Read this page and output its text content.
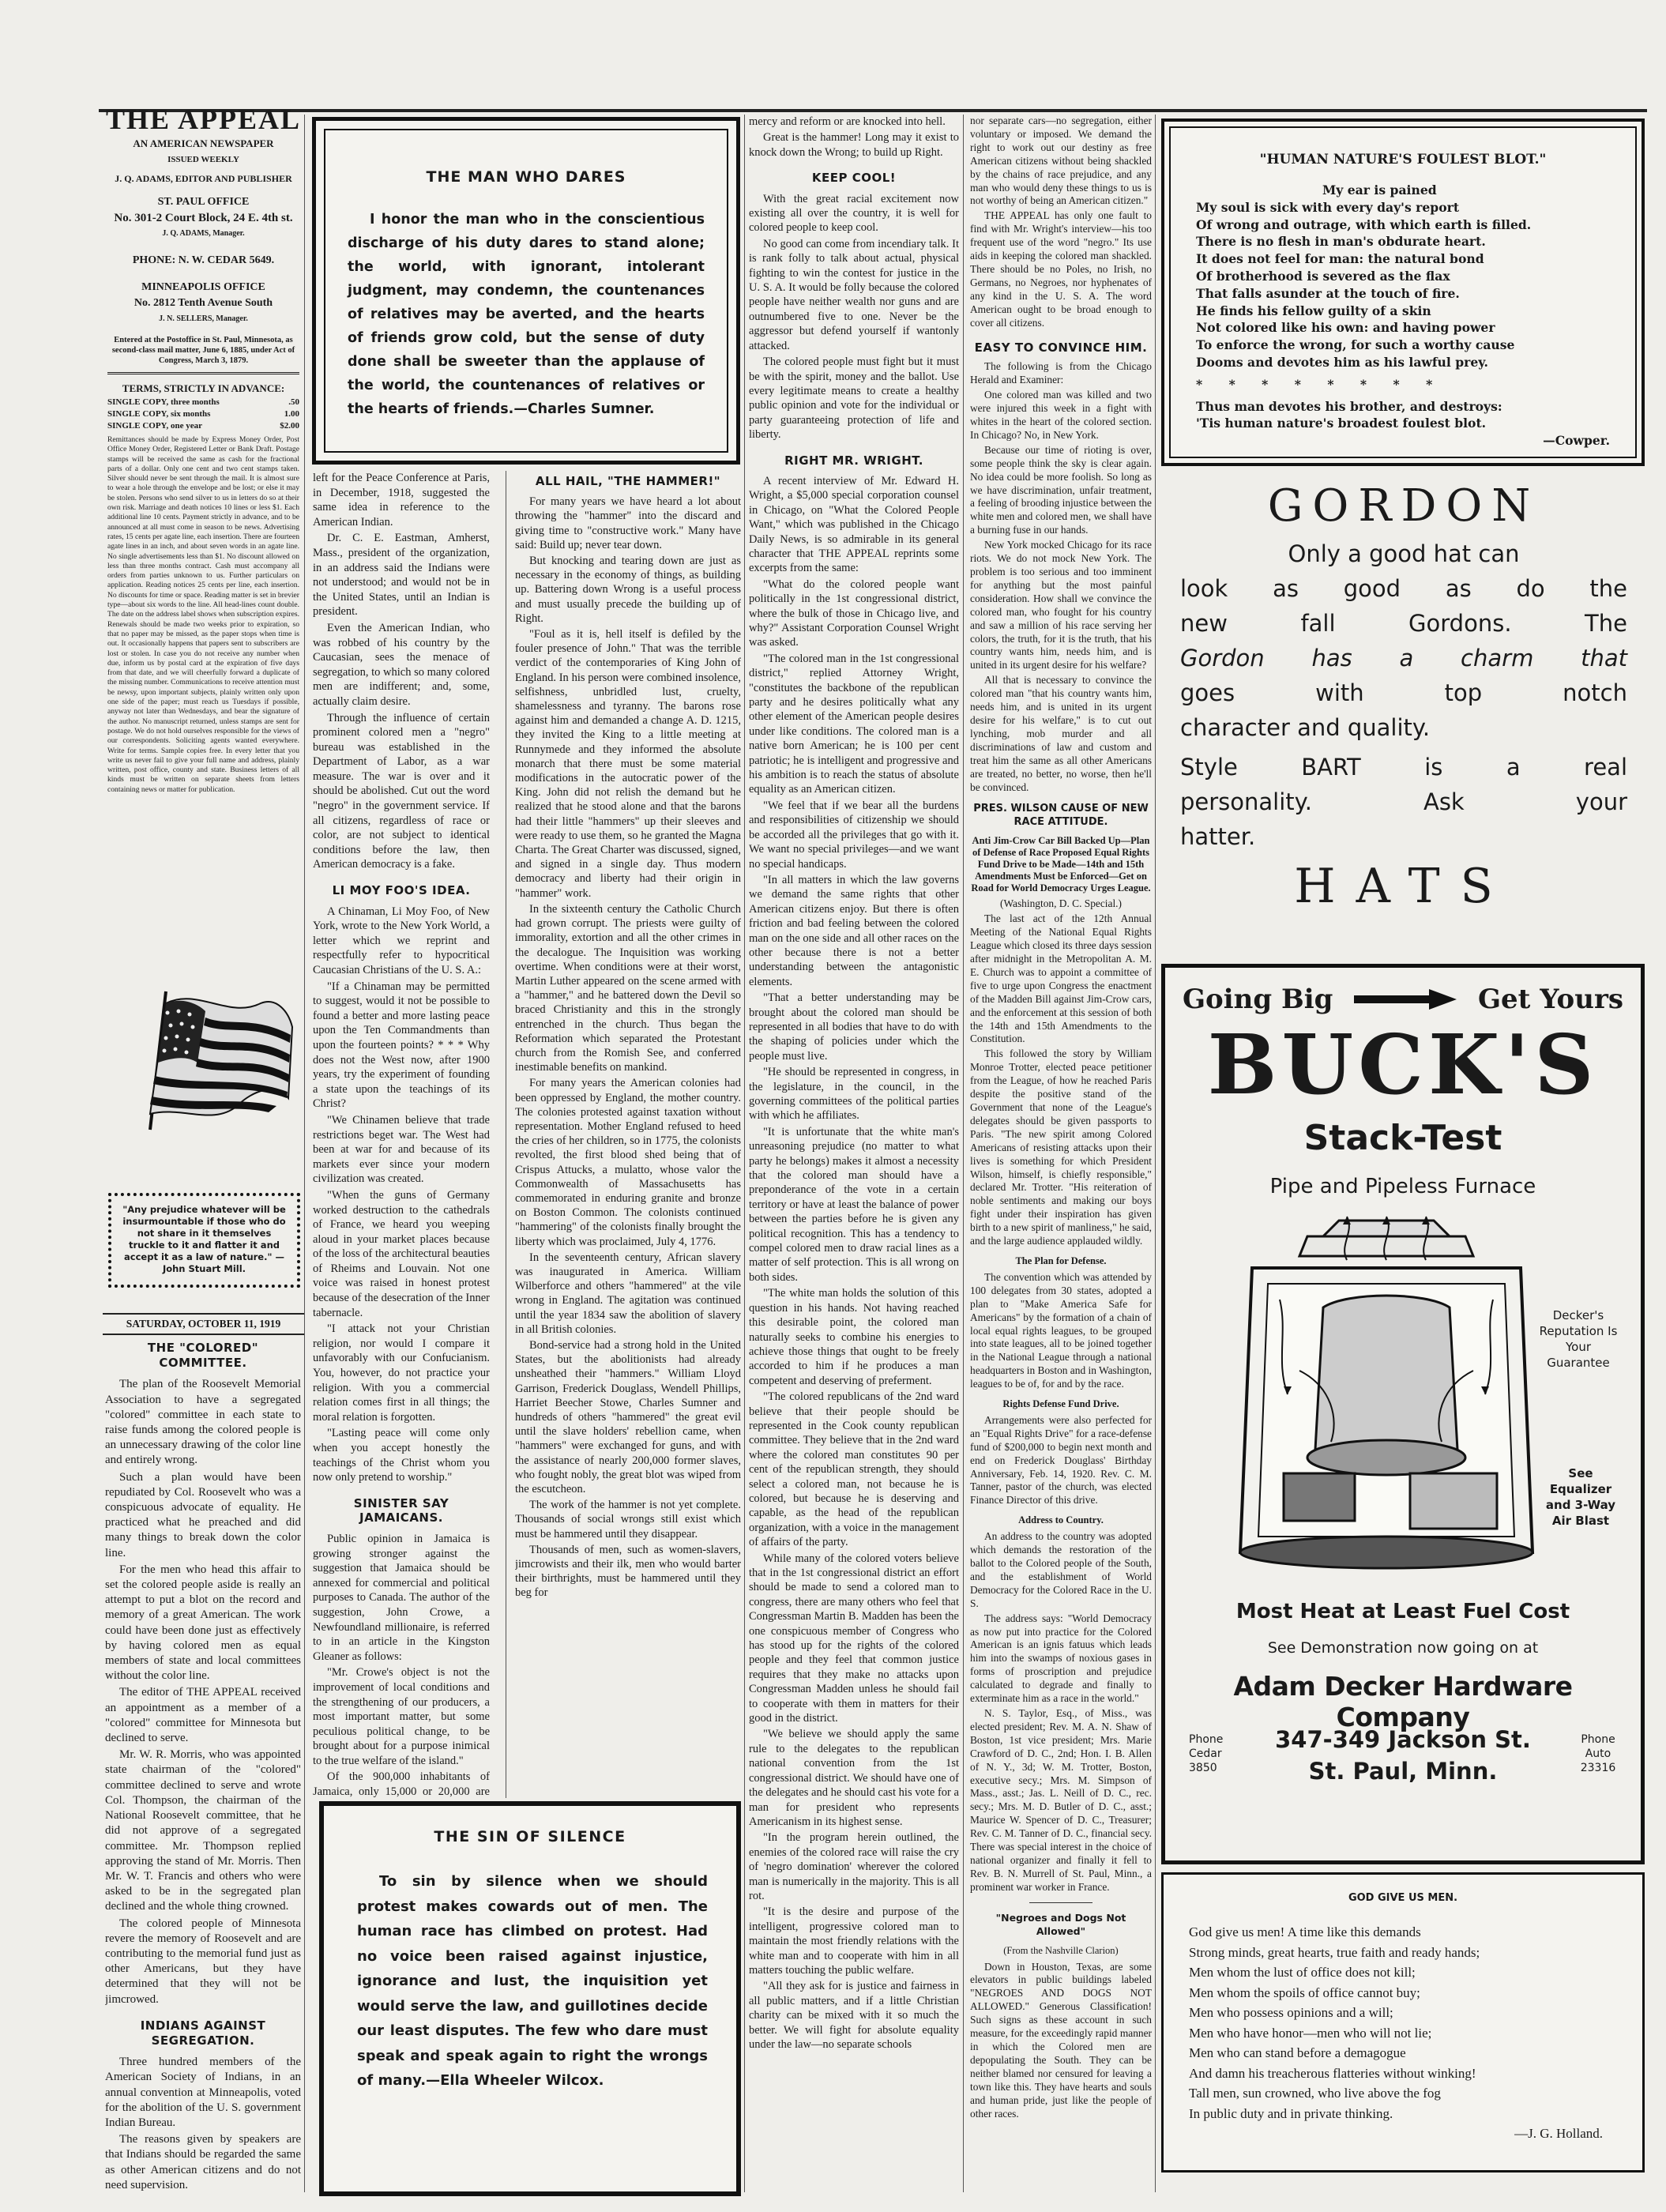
THE APPEAL
AN AMERICAN NEWSPAPER
ISSUED WEEKLY
J. Q. ADAMS, EDITOR AND PUBLISHER
ST. PAUL OFFICE
No. 301-2 Court Block, 24 E. 4th st.
J. Q. ADAMS, Manager.
PHONE: N. W. CEDAR 5649.
MINNEAPOLIS OFFICE
No. 2812 Tenth Avenue South
J. N. SELLERS, Manager.
Entered at the Postoffice in St. Paul, Minnesota, as second-class mail matter, June 6, 1885, under Act of Congress, March 3, 1879.
TERMS, STRICTLY IN ADVANCE:
SINGLE COPY, three months	.50
SINGLE COPY, six months	1.00
SINGLE COPY, one year	$2.00
Remittances should be made by Express Money Order, Post Office Money Order, Registered Letter or Bank Draft. Postage stamps will be received the same as cash for the fractional parts of a dollar. Only one cent and two cent stamps taken. Silver should never be sent through the mail. It is almost sure to wear a hole through the envelope and be lost; or else it may be stolen. Persons who send silver to us in letters do so at their own risk. Marriage and death notices 10 lines or less $1. Each additional line 10 cents. Payment strictly in advance, and to be announced at all must come in season to be news. Advertising rates, 15 cents per agate line, each insertion. There are fourteen agate lines in an inch, and about seven words in an agate line. No single advertisements less than $1. No discount allowed on less than three months contract. Cash must accompany all orders from parties unknown to us. Further particulars on application. Reading notices 25 cents per line, each insertion. No discounts for time or space. Reading matter is set in brevier type—about six words to the line. All head-lines count double. The date on the address label shows when subscription expires. Renewals should be made two weeks prior to expiration, so that no paper may be missed, as the paper stops when time is out. It occasionally happens that papers sent to subscribers are lost or stolen. In case you do not receive any number when due, inform us by postal card at the expiration of five days from that date, and we will cheerfully forward a duplicate of the missing number. Communications to receive attention must be newsy, upon important subjects, plainly written only upon one side of the paper; must reach us Tuesdays if possible, anyway not later than Wednesdays, and bear the signature of the author. No manuscript returned, unless stamps are sent for postage. We do not hold ourselves responsible for the views of our correspondents. Soliciting agents wanted everywhere. Write for terms. Sample copies free. In every letter that you write us never fail to give your full name and address, plainly written, post office, county and state. Business letters of all kinds must be written on separate sheets from letters containing news or matter for publication.
"Any prejudice whatever will be insurmountable if those who do not share in it themselves truckle to it and flatter it and accept it as a law of nature." —John Stuart Mill.
SATURDAY, OCTOBER 11, 1919
THE "COLORED" COMMITTEE.

The plan of the Roosevelt Memorial Association to have a segregated "colored" committee in each state to raise funds among the colored people is an unnecessary drawing of the color line and entirely wrong.

Such a plan would have been repudiated by Col. Roosevelt who was a conspicuous advocate of equality. He practiced what he preached and did many things to break down the color line.

For the men who head this affair to set the colored people aside is really an attempt to put a blot on the record and memory of a great American. The work could have been done just as effectively by having colored men as equal members of state and local committees without the color line.

The editor of THE APPEAL received an appointment as a member of a "colored" committee for Minnesota but declined to serve.

Mr. W. R. Morris, who was appointed state chairman of the "colored" committee declined to serve and wrote Col. Thompson, the chairman of the National Roosevelt committee, that he did not approve of a segregated committee. Mr. Thompson replied approving the stand of Mr. Morris. Then Mr. W. T. Francis and others who were asked to be in the segregated plan declined and the whole thing crowned.

The colored people of Minnesota revere the memory of Roosevelt and are contributing to the memorial fund just as other Americans, but they have determined that they will not be jimcrowed.

INDIANS AGAINST SEGREGATION.

Three hundred members of the American Society of Indians, in an annual convention at Minneapolis, voted for the abolition of the U. S. government Indian Bureau.

The reasons given by speakers are that Indians should be regarded the same as other American citizens and do not need supervision.

THE MAN WHO DARES
I honor the man who in the conscientious discharge of his duty dares to stand alone; the world, with ignorant, intolerant judgment, may condemn, the countenances of relatives may be averted, and the hearts of friends grow cold, but the sense of duty done shall be sweeter than the applause of the world, the countenances of relatives or the hearts of friends.—Charles Sumner.

left for the Peace Conference at Paris, in December, 1918, suggested the same idea in reference to the American Indian.

Dr. C. E. Eastman, Amherst, Mass., president of the organization, in an address said the Indians were not understood; and would not be in the United States, until an Indian is president.

Even the American Indian, who was robbed of his country by the Caucasian, sees the menace of segregation, to which so many colored men are indifferent; and, some, actually claim desire.

Through the influence of certain prominent colored men a "negro" bureau was established in the Department of Labor, as a war measure. The war is over and it should be abolished. Cut out the word "negro" in the government service. If all citizens, regardless of race or color, are not subject to identical conditions before the law, then American democracy is a fake.

LI MOY FOO'S IDEA.

A Chinaman, Li Moy Foo, of New York, wrote to the New York World, a letter which we reprint and respectfully refer to hypocritical Caucasian Christians of the U. S. A.:

"If a Chinaman may be permitted to suggest, would it not be possible to found a better and more lasting peace upon the Ten Commandments than upon the fourteen points? * * * Why does not the West now, after 1900 years, try the experiment of founding a state upon the teachings of its Christ?

"We Chinamen believe that trade restrictions beget war. The West had been at war for and because of its markets ever since your modern civilization was created.

"When the guns of Germany worked destruction to the cathedrals of France, we heard you weeping aloud in your market places because of the loss of the architectural beauties of Rheims and Louvain. Not one voice was raised in honest protest because of the desecration of the Inner tabernacle.

"I attack not your Christian religion, nor would I compare it unfavorably with our Confucianism. You, however, do not practice your religion. With you a commercial relation comes first in all things; the moral relation is forgotten.

"Lasting peace will come only when you accept honestly the teachings of the Christ whom you now only pretend to worship."

SINISTER SAY JAMAICANS.

Public opinion in Jamaica is growing stronger against the suggestion that Jamaica should be annexed for commercial and political purposes to Canada. The author of the suggestion, John Crowe, a Newfoundland millionaire, is referred to in an article in the Kingston Gleaner as follows:

"Mr. Crowe's object is not the improvement of local conditions and the strengthening of our producers, a most important matter, but some peculious political change, to be brought about for a purpose inimical to the true welfare of the island."

Of the 900,000 inhabitants of Jamaica, only 15,000 or 20,000 are

ALL HAIL, "THE HAMMER!"

For many years we have heard a lot about throwing the "hammer" into the discard and giving time to "constructive work." Many have said: Build up; never tear down.

But knocking and tearing down are just as necessary in the economy of things, as building up. Battering down Wrong is a useful process and must usually precede the building up of Right.

"Foul as it is, hell itself is defiled by the fouler presence of John." That was the terrible verdict of the contemporaries of King John of England. In his person were combined insolence, selfishness, unbridled lust, cruelty, shamelessness and tyranny. The barons rose against him and demanded a change A. D. 1215, they invited the King to a little meeting at Runnymede and they informed the absolute monarch that there must be some material modifications in the autocratic power of the King. John did not relish the demand but he realized that he stood alone and that the barons had their little "hammers" up their sleeves and were ready to use them, so he granted the Magna Charta. The Great Charter was discussed, signed, and signed in a single day. Thus modern democracy and liberty had their origin in "hammer" work.

In the sixteenth century the Catholic Church had grown corrupt. The priests were guilty of immorality, extortion and all the other crimes in the decalogue. The Inquisition was working overtime. When conditions were at their worst, Martin Luther appeared on the scene armed with a "hammer," and he battered down the Devil so braced Christianity and this in the strongly entrenched in the church. Thus began the Reformation which separated the Protestant church from the Romish See, and conferred inestimable benefits on mankind.

For many years the American colonies had been oppressed by England, the mother country. The colonies protested against taxation without representation. Mother England refused to heed the cries of her children, so in 1775, the colonists revolted, the first blood shed being that of Crispus Attucks, a mulatto, whose valor the Commonwealth of Massachusetts has commemorated in enduring granite and bronze on Boston Common. The colonists continued "hammering" of the colonists finally brought the liberty which was proclaimed, July 4, 1776.

In the seventeenth century, African slavery was inaugurated in America. William Wilberforce and others "hammered" at the vile wrong in England. The agitation was continued until the year 1834 saw the abolition of slavery in all British colonies.

Bond-service had a strong hold in the United States, but the abolitionists had already unsheathed their "hammers." William Lloyd Garrison, Frederick Douglass, Wendell Phillips, Harriet Beecher Stowe, Charles Sumner and hundreds of others "hammered" the great evil until the slave holders' rebellion came, when "hammers" were exchanged for guns, and with the assistance of nearly 200,000 former slaves, who fought nobly, the great blot was wiped from the escutcheon.

The work of the hammer is not yet complete. Thousands of social wrongs still exist which must be hammered until they disappear.

Thousands of men, such as women-slavers, jimcrowists and their ilk, men who would barter their birthrights, must be hammered until they beg for

mercy and reform or are knocked into hell.

Great is the hammer! Long may it exist to knock down the Wrong; to build up Right.

KEEP COOL!

With the great racial excitement now existing all over the country, it is well for colored people to keep cool.

No good can come from incendiary talk. It is rank folly to talk about actual, physical fighting to win the contest for justice in the U. S. A. It would be folly because the colored people have neither wealth nor guns and are outnumbered five to one. Never be the aggressor but defend yourself if wantonly attacked.

The colored people must fight but it must be with the spirit, money and the ballot. Use every legitimate means to create a healthy public opinion and vote for the individual or party guaranteeing protection of life and liberty.

RIGHT MR. WRIGHT.

A recent interview of Mr. Edward H. Wright, a $5,000 special corporation counsel in Chicago, on "What the Colored People Want," which was published in the Chicago Daily News, is so admirable in its general character that THE APPEAL reprints some excerpts from the same:

"What do the colored people want politically in the 1st congressional district, where the bulk of those in Chicago live, and why?" Assistant Corporation Counsel Wright was asked.

"The colored man in the 1st congressional district," replied Attorney Wright, "constitutes the backbone of the republican party and he desires politically what any other element of the American people desires under like conditions. The colored man is a native born American; he is 100 per cent patriotic; he is intelligent and progressive and his ambition is to reach the status of absolute equality as an American citizen.

"We feel that if we bear all the burdens and responsibilities of citizenship we should be accorded all the privileges that go with it. We want no special privileges—and we want no special handicaps.

"In all matters in which the law governs we demand the same rights that other American citizens enjoy. But there is often friction and bad feeling between the colored man on the one side and all other races on the other because there is not a better understanding between the antagonistic elements.

"That a better understanding may be brought about the colored man should be represented in all bodies that have to do with the shaping of policies under which the people must live.

"He should be represented in congress, in the legislature, in the council, in the governing committees of the political parties with which he affiliates.

"It is unfortunate that the white man's unreasoning prejudice (no matter to what party he belongs) makes it almost a necessity that the colored man should have a preponderance of the vote in a certain territory or have at least the balance of power between the parties before he is given any political recognition. This has a tendency to compel colored men to draw racial lines as a matter of self protection. This is all wrong on both sides.

"The white man holds the solution of this question in his hands. Not having reached this desirable point, the colored man naturally seeks to combine his energies to achieve those things that ought to be freely accorded to him if he produces a man competent and deserving of preferment.

"The colored republicans of the 2nd ward believe that their people should be represented in the Cook county republican committee. They believe that in the 2nd ward where the colored man constitutes 90 per cent of the republican strength, they should select a colored man, not because he is colored, but because he is deserving and capable, as the head of the republican organization, with a voice in the management of affairs of the party.

While many of the colored voters believe that in the 1st congressional district an effort should be made to send a colored man to congress, there are many others who feel that Congressman Martin B. Madden has been the one conspicuous member of Congress who has stood up for the rights of the colored people and they feel that common justice requires that they make no attacks upon Congressman Madden unless he should fail to cooperate with them in matters for their good in the district.

"We believe we should apply the same rule to the delegates to the republican national convention from the 1st congressional district. We should have one of the delegates and he should cast his vote for a man for president who represents Americanism in its highest sense.

"In the program herein outlined, the enemies of the colored race will raise the cry of 'negro domination' wherever the colored man is numerically in the majority. This is all rot.

"It is the desire and purpose of the intelligent, progressive colored man to maintain the most friendly relations with the white man and to cooperate with him in all matters touching the public welfare.

"All they ask for is justice and fairness in all public matters, and if a little Christian charity can be mixed with it so much the better. We will fight for absolute equality under the law—no separate schools

THE SIN OF SILENCE
To sin by silence when we should protest makes cowards out of men. The human race has climbed on protest. Had no voice been raised against injustice, ignorance and lust, the inquisition yet would serve the law, and guillotines decide our least disputes. The few who dare must speak and speak again to right the wrongs of many.—Ella Wheeler Wilcox.

nor separate cars—no segregation, either voluntary or imposed. We demand the right to work out our destiny as free American citizens without being shackled by the chains of race prejudice, and any man who would deny these things to us is not worthy of being an American citizen."

THE APPEAL has only one fault to find with Mr. Wright's interview—his too frequent use of the word "negro." Its use aids in keeping the colored man shackled. There should be no Poles, no Irish, no Germans, no Negroes, nor hyphenates of any kind in the U. S. A. The word American ought to be broad enough to cover all citizens.

EASY TO CONVINCE HIM.

The following is from the Chicago Herald and Examiner:

One colored man was killed and two were injured this week in a fight with whites in the heart of the colored section. In Chicago? No, in New York.

Because our time of rioting is over, some people think the sky is clear again. No idea could be more foolish. So long as we have discrimination, unfair treatment, a feeling of brooding injustice between the white men and colored men, we shall have a burning fuse in our hands.

New York mocked Chicago for its race riots. We do not mock New York. The problem is too serious and too imminent for anything but the most painful consideration. How shall we convince the colored man, who fought for his country and saw a million of his race serving her colors, the truth, for it is the truth, that his country wants him, needs him, and is united in its urgent desire for his welfare?

All that is necessary to convince the colored man "that his country wants him, needs him, and is united in its urgent desire for his welfare," is to cut out lynching, mob murder and all discriminations of law and custom and treat him the same as all other Americans are treated, no better, no worse, then he'll be convinced.

PRES. WILSON CAUSE OF NEW RACE ATTITUDE.

Anti Jim-Crow Car Bill Backed Up—Plan of Defense of Race Proposed Equal Rights Fund Drive to be Made—14th and 15th Amendments Must be Enforced—Get on Road for World Democracy Urges League.

(Washington, D. C. Special.)

The last act of the 12th Annual Meeting of the National Equal Rights League which closed its three days session after midnight in the Metropolitan A. M. E. Church was to appoint a committee of five to urge upon Congress the enactment of the Madden Bill against Jim-Crow cars, and the enforcement at this session of both the 14th and 15th Amendments to the Constitution.

This followed the story by William Monroe Trotter, elected peace petitioner from the League, of how he reached Paris despite the positive stand of the Government that none of the League's delegates should be given passports to Paris. "The new spirit among Colored Americans of resisting attacks upon their lives is something for which President Wilson, himself, is chiefly responsible," declared Mr. Trotter. "His reiteration of noble sentiments and making our boys fight under their inspiration has given birth to a new spirit of manliness," he said, and the large audience applauded wildly.

The Plan for Defense.

The convention which was attended by 100 delegates from 30 states, adopted a plan to "Make America Safe for Americans" by the formation of a chain of local equal rights leagues, to be grouped into state leagues, all to be joined together in the National League through a national headquarters in Boston and in Washington, leagues to be of, for and by the race.

Rights Defense Fund Drive.

Arrangements were also perfected for an "Equal Rights Drive" for a race-defense fund of $200,000 to begin next month and end on Frederick Douglass' Birthday Anniversary, Feb. 14, 1920. Rev. C. M. Tanner, pastor of the church, was elected Finance Director of this drive.

Address to Country.

An address to the country was adopted which demands the restoration of the ballot to the Colored people of the South, and the establishment of World Democracy for the Colored Race in the U. S.

The address says: "World Democracy as now put into practice for the Colored American is an ignis fatuus which leads him into the swamps of noxious gases in forms of proscription and prejudice calculated to degrade and finally to exterminate him as a race in the world."

N. S. Taylor, Esq., of Miss., was elected president; Rev. M. A. N. Shaw of Boston, 1st vice president; Mrs. Marie Crawford of D. C., 2nd; Hon. I. B. Allen of N. Y., 3d; W. M. Trotter, Boston, executive secy.; Mrs. M. Simpson of Mass., asst.; Jas. L. Neill of D. C., rec. secy.; Mrs. M. D. Butler of D. C., asst.; Maurice W. Spencer of D. C., Treasurer; Rev. C. M. Tanner of D. C., financial secy. There was special interest in the choice of national organizer and finally it fell to Rev. B. N. Murrell of St. Paul, Minn., a prominent war worker in France.

"Negroes and Dogs Not Allowed"

(From the Nashville Clarion)

Down in Houston, Texas, are some elevators in public buildings labeled "NEGROES AND DOGS NOT ALLOWED." Generous Classification! Such signs as these account in such measure, for the exceedingly rapid manner in which the Colored men are depopulating the South. They can be neither blamed nor censured for leaving a town like this. They have hearts and souls and human pride, just like the people of other races.

"HUMAN NATURE'S FOULEST BLOT."
My ear is pained
My soul is sick with every day's report
Of wrong and outrage, with which earth is filled.
There is no flesh in man's obdurate heart.
It does not feel for man: the natural bond
Of brotherhood is severed as the flax
That falls asunder at the touch of fire.
He finds his fellow guilty of a skin
Not colored like his own: and having power
To enforce the wrong, for such a worthy cause
Dooms and devotes him as his lawful prey.
* * * * * * * *
Thus man devotes his brother, and destroys:
'Tis human nature's broadest foulest blot.
—Cowper.
GORDON
Only a good hat can
look as good as do the
new fall Gordons. The
Gordon has a charm that
goes with top notch
character and quality.
Style BART is a real
personality. Ask your
hatter.
HATS
Going Big	Get Yours
BUCK'S
Stack-Test
Pipe and Pipeless Furnace
Decker's Reputation Is Your Guarantee
See Equalizer and 3-Way Air Blast
Most Heat at Least Fuel Cost
See Demonstration now going on at
Adam Decker Hardware Company
Phone Cedar 3850
347-349 Jackson St.
St. Paul, Minn.
Phone Auto 23316
GOD GIVE US MEN.
God give us men! A time like this demands
Strong minds, great hearts, true faith and ready hands;
Men whom the lust of office does not kill;
Men whom the spoils of office cannot buy;
Men who possess opinions and a will;
Men who have honor—men who will not lie;
Men who can stand before a demagogue
And damn his treacherous flatteries without winking!
Tall men, sun crowned, who live above the fog
In public duty and in private thinking.
—J. G. Holland.
